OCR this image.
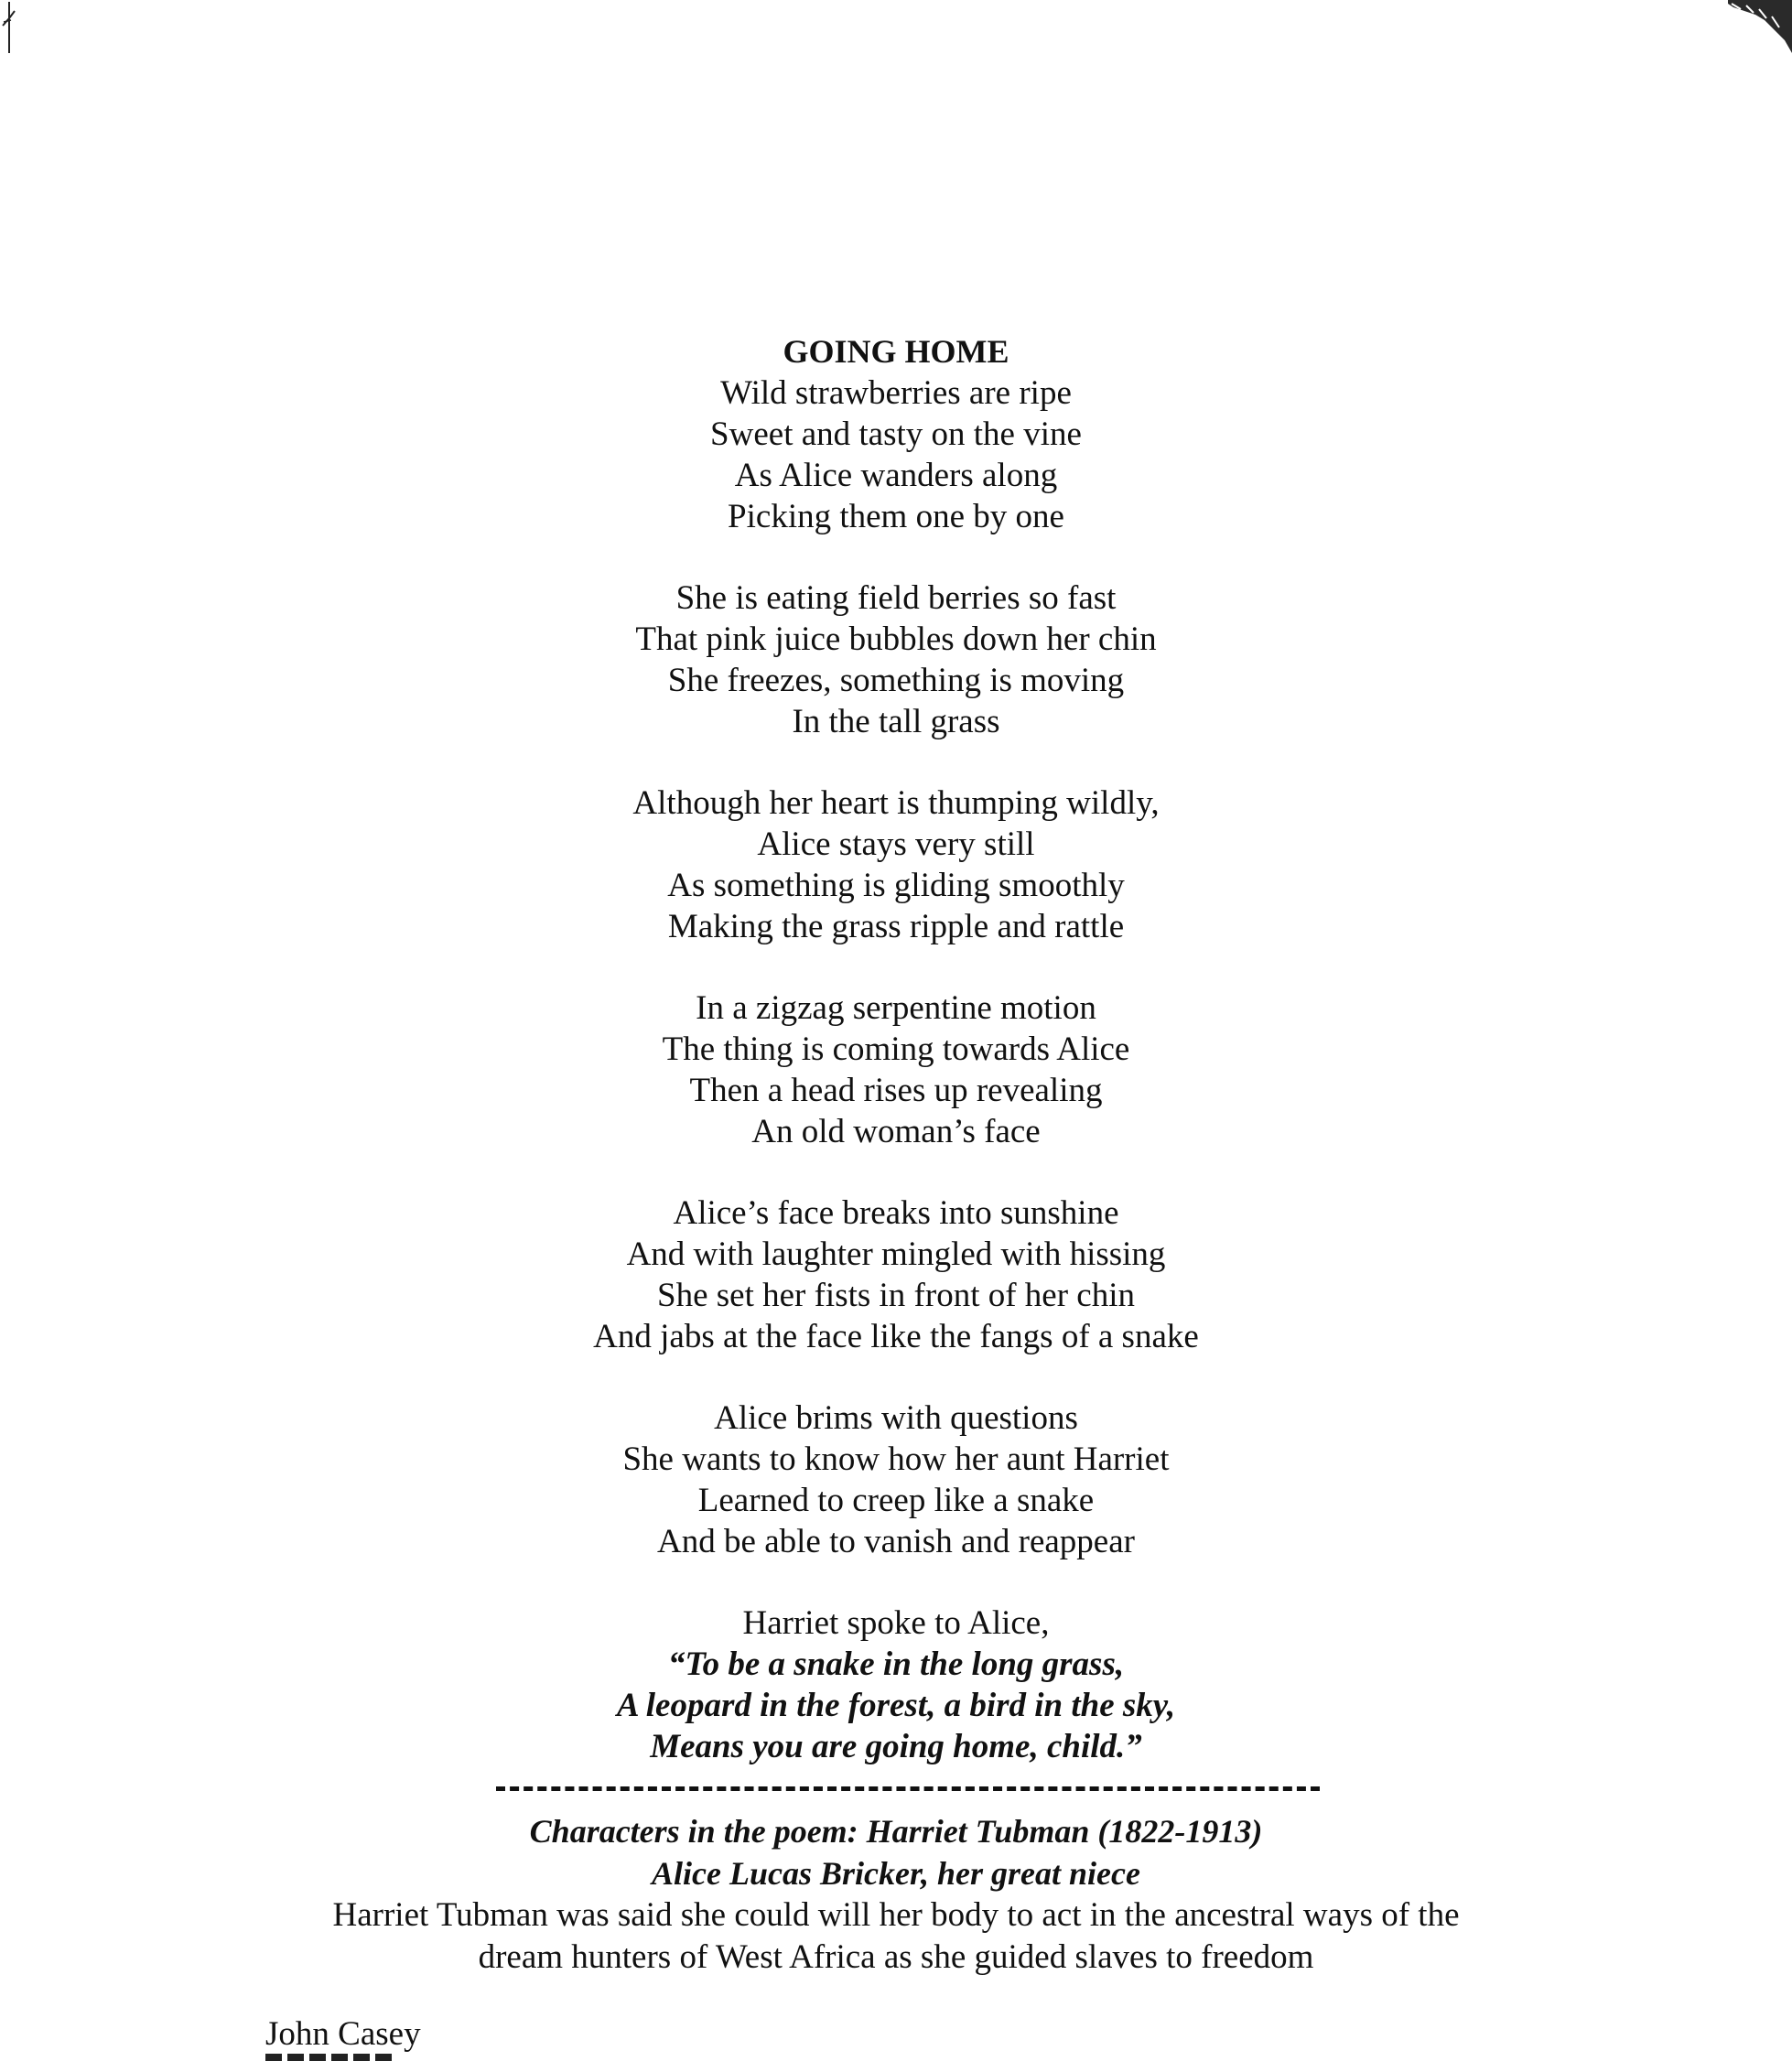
GOING HOME
Wild strawberries are ripe
Sweet and tasty on the vine
As Alice wanders along
Picking them one by one
She is eating field berries so fast
That pink juice bubbles down her chin
She freezes, something is moving
In the tall grass
Although her heart is thumping wildly,
Alice stays very still
As something is gliding smoothly
Making the grass ripple and rattle
In a zigzag serpentine motion
The thing is coming towards Alice
Then a head rises up revealing
An old woman’s face
Alice’s face breaks into sunshine
And with laughter mingled with hissing
She set her fists in front of her chin
And jabs at the face like the fangs of a snake
Alice brims with questions
She wants to know how her aunt Harriet
Learned to creep like a snake
And be able to vanish and reappear
Harriet spoke to Alice,
“To be a snake in the long grass,
A leopard in the forest, a bird in the sky,
Means you are going home, child.”
Characters in the poem: Harriet Tubman (1822-1913)
Alice Lucas Bricker, her great niece
Harriet Tubman was said she could will her body to act in the ancestral ways of the
dream hunters of West Africa as she guided slaves to freedom
John Casey
